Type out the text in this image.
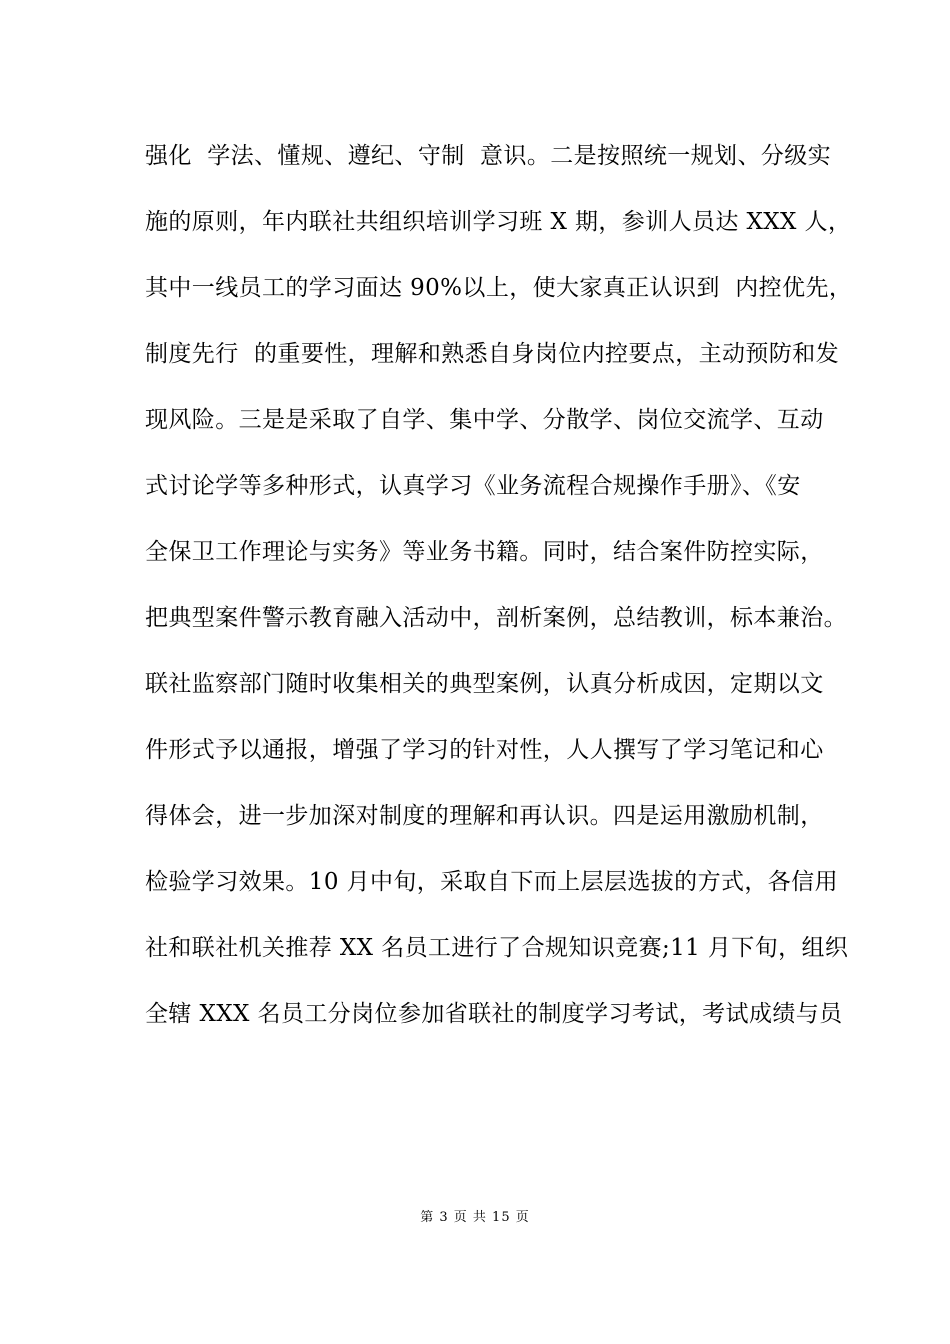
强化  学法、懂规、遵纪、守制  意识。二是按照统一规划、分级实
施的原则，年内联社共组织培训学习班 X 期，参训人员达 XXX 人，
其中一线员工的学习面达 90%以上，使大家真正认识到  内控优先，
制度先行  的重要性，理解和熟悉自身岗位内控要点，主动预防和发
现风险。三是是采取了自学、集中学、分散学、岗位交流学、互动
式讨论学等多种形式，认真学习《业务流程合规操作手册》、《安
全保卫工作理论与实务》等业务书籍。同时，结合案件防控实际，
把典型案件警示教育融入活动中，剖析案例，总结教训，标本兼治。
联社监察部门随时收集相关的典型案例，认真分析成因，定期以文
件形式予以通报，增强了学习的针对性，人人撰写了学习笔记和心
得体会，进一步加深对制度的理解和再认识。四是运用激励机制，
检验学习效果。10 月中旬，采取自下而上层层选拔的方式，各信用
社和联社机关推荐 XX 名员工进行了合规知识竞赛;11 月下旬，组织
全辖 XXX 名员工分岗位参加省联社的制度学习考试，考试成绩与员
第 3 页 共 15 页
